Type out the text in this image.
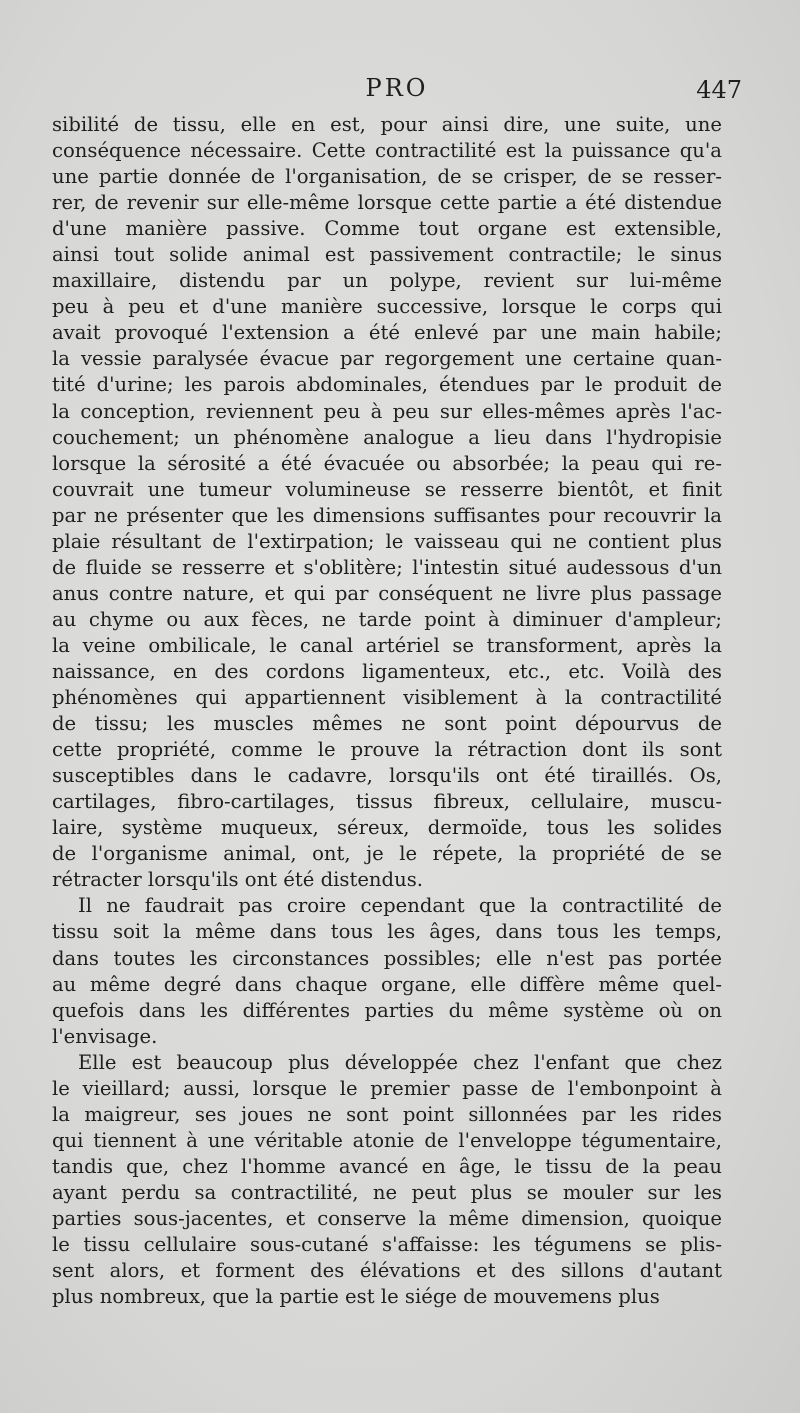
PRO	447
sibilité de tissu, elle en est, pour ainsi dire, une suite, une
conséquence nécessaire. Cette contractilité est la puissance qu'a
une partie donnée de l'organisation, de se crisper, de se resser-
rer, de revenir sur elle-même lorsque cette partie a été distendue
d'une manière passive. Comme tout organe est extensible,
ainsi tout solide animal est passivement contractile; le sinus
maxillaire, distendu par un polype, revient sur lui-même
peu à peu et d'une manière successive, lorsque le corps qui
avait provoqué l'extension a été enlevé par une main habile;
la vessie paralysée évacue par regorgement une certaine quan-
tité d'urine; les parois abdominales, étendues par le produit de
la conception, reviennent peu à peu sur elles-mêmes après l'ac-
couchement; un phénomène analogue a lieu dans l'hydropisie
lorsque la sérosité a été évacuée ou absorbée; la peau qui re-
couvrait une tumeur volumineuse se resserre bientôt, et finit
par ne présenter que les dimensions suffisantes pour recouvrir la
plaie résultant de l'extirpation; le vaisseau qui ne contient plus
de fluide se resserre et s'oblitère; l'intestin situé audessous d'un
anus contre nature, et qui par conséquent ne livre plus passage
au chyme ou aux fèces, ne tarde point à diminuer d'ampleur;
la veine ombilicale, le canal artériel se transforment, après la
naissance, en des cordons ligamenteux, etc., etc. Voilà des
phénomènes qui appartiennent visiblement à la contractilité
de tissu; les muscles mêmes ne sont point dépourvus de
cette propriété, comme le prouve la rétraction dont ils sont
susceptibles dans le cadavre, lorsqu'ils ont été tiraillés. Os,
cartilages, fibro-cartilages, tissus fibreux, cellulaire, muscu-
laire, système muqueux, séreux, dermoïde, tous les solides
de l'organisme animal, ont, je le répete, la propriété de se
rétracter lorsqu'ils ont été distendus.
Il ne faudrait pas croire cependant que la contractilité de
tissu soit la même dans tous les âges, dans tous les temps,
dans toutes les circonstances possibles; elle n'est pas portée
au même degré dans chaque organe, elle diffère même quel-
quefois dans les différentes parties du même système où on
l'envisage.
Elle est beaucoup plus développée chez l'enfant que chez
le vieillard; aussi, lorsque le premier passe de l'embonpoint à
la maigreur, ses joues ne sont point sillonnées par les rides
qui tiennent à une véritable atonie de l'enveloppe tégumentaire,
tandis que, chez l'homme avancé en âge, le tissu de la peau
ayant perdu sa contractilité, ne peut plus se mouler sur les
parties sous-jacentes, et conserve la même dimension, quoique
le tissu cellulaire sous-cutané s'affaisse: les tégumens se plis-
sent alors, et forment des élévations et des sillons d'autant
plus nombreux, que la partie est le siége de mouvemens plus
